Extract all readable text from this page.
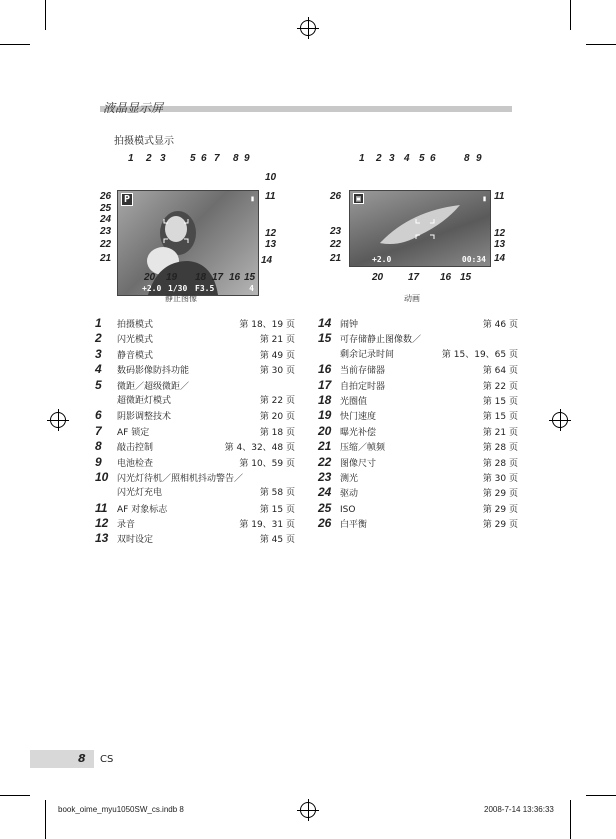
液晶显示屏
拍摄模式显示
P	▮
+2.0 1/30 F3.5	4
静止图像
1 2 3 5 6 7 8 9
26
25
24
23
22
21
10
11
12
13
14
20 19 18 17 16 15
▣	▮
+2.0	00:34
动画
1 2 3 4 5 6	8 9
26
23
22
21
11
12
13
14
20 17 16 15
1	拍摄模式	第 18、19 页
2	闪光模式	第 21 页
3	静音模式	第 49 页
4	数码影像防抖功能	第 30 页
5	微距／超级微距／
超微距灯模式	第 22 页
6	阴影调整技术	第 20 页
7	AF 锁定	第 18 页
8	敲击控制	第 4、32、48 页
9	电池检查	第 10、59 页
10 闪光灯待机／照相机抖动警告／
闪光灯充电	第 58 页
11	AF 对象标志	第 15 页
12 录音	第 19、31 页
13 双时设定	第 45 页
14 闹钟	第 46 页
15 可存储静止图像数／
剩余记录时间	第 15、19、65 页
16 当前存储器	第 64 页
17 自拍定时器	第 22 页
18 光圈值	第 15 页
19 快门速度	第 15 页
20 曝光补偿	第 21 页
21 压缩／帧频	第 28 页
22 图像尺寸	第 28 页
23 测光	第 30 页
24 驱动	第 29 页
25 ISO	第 29 页
26 白平衡	第 29 页
8 CS
book_oime_myu1050SW_cs.indb 8	2008-7-14 13:36:33
